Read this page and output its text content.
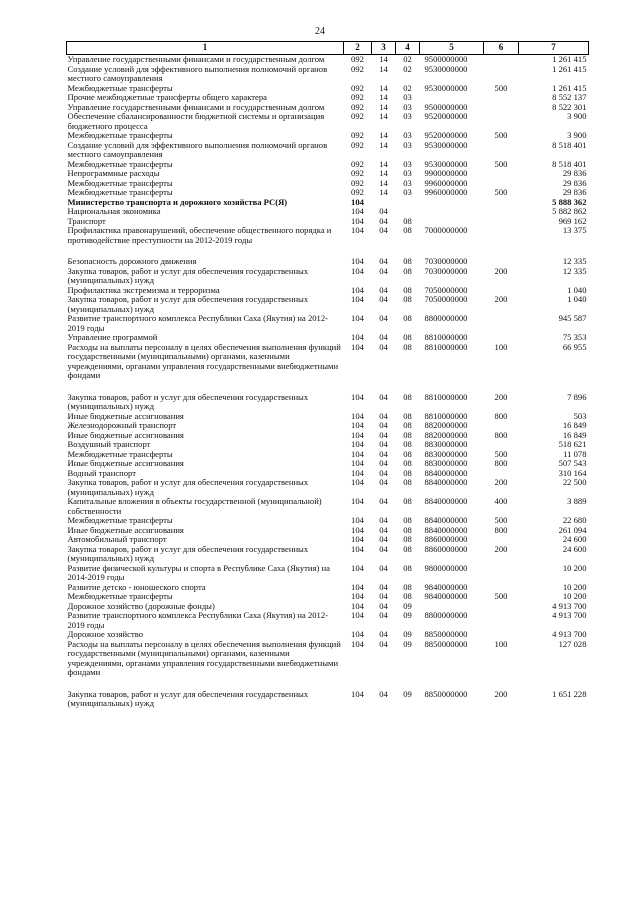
24
1	2	3	4	5	6	7
Управление государственными финансами и государственным долгом	092	14	02	9500000000		1 261 415
Создание условий для эффективного выполнения полномочий органов местного самоуправления	092	14	02	9530000000		1 261 415
Межбюджетные трансферты	092	14	02	9530000000	500	1 261 415
Прочие межбюджетные трансферты общего характера	092	14	03			8 552 137
Управление государственными финансами и государственным долгом	092	14	03	9500000000		8 522 301
Обеспечение сбалансированности бюджетной системы и организация бюджетного процесса	092	14	03	9520000000		3 900
Межбюджетные трансферты	092	14	03	9520000000	500	3 900
Создание условий для эффективного выполнения полномочий органов местного самоуправления	092	14	03	9530000000		8 518 401
Межбюджетные трансферты	092	14	03	9530000000	500	8 518 401
Непрограммные расходы	092	14	03	9900000000		29 836
Межбюджетные трансферты	092	14	03	9960000000		29 836
Межбюджетные трансферты	092	14	03	9960000000	500	29 836
Министерство транспорта и дорожного хозяйства РС(Я)	104					5 888 362
Национальная экономика	104	04				5 882 862
Транспорт	104	04	08			969 162
Профилактика правонарушений, обеспечение общественного порядка и противодействие преступности на 2012-2019 годы	104	04	08	7000000000		13 375
Безопасность дорожного движения	104	04	08	7030000000		12 335
Закупка товаров, работ и услуг для обеспечения государственных (муниципальных) нужд	104	04	08	7030000000	200	12 335
Профилактика экстремизма и терроризма	104	04	08	7050000000		1 040
Закупка товаров, работ и услуг для обеспечения государственных (муниципальных) нужд	104	04	08	7050000000	200	1 040
Развитие транспортного комплекса Республики Саха (Якутия) на 2012-2019 годы	104	04	08	8800000000		945 587
Управление программой	104	04	08	8810000000		75 353
Расходы на выплаты персоналу в целях обеспечения выполнения функций государственными (муниципальными) органами, казенными учреждениями, органами управления государственными внебюджетными фондами	104	04	08	8810000000	100	66 955
Закупка товаров, работ и услуг для обеспечения государственных (муниципальных) нужд	104	04	08	8810000000	200	7 896
Иные бюджетные ассигнования	104	04	08	8810000000	800	503
Железнодорожный транспорт	104	04	08	8820000000		16 849
Иные бюджетные ассигнования	104	04	08	8820000000	800	16 849
Воздушный транспорт	104	04	08	8830000000		518 621
Межбюджетные трансферты	104	04	08	8830000000	500	11 078
Иные бюджетные ассигнования	104	04	08	8830000000	800	507 543
Водный транспорт	104	04	08	8840000000		310 164
Закупка товаров, работ и услуг для обеспечения государственных (муниципальных) нужд	104	04	08	8840000000	200	22 500
Капитальные вложения в объекты государственной (муниципальной) собственности	104	04	08	8840000000	400	3 889
Межбюджетные трансферты	104	04	08	8840000000	500	22 680
Иные бюджетные ассигнования	104	04	08	8840000000	800	261 094
Автомобильный транспорт	104	04	08	8860000000		24 600
Закупка товаров, работ и услуг для обеспечения государственных (муниципальных) нужд	104	04	08	8860000000	200	24 600
Развитие физической культуры и спорта в Республике Саха (Якутия) на 2014-2019 годы	104	04	08	9800000000		10 200
Развитие детско - юношеского спорта	104	04	08	9840000000		10 200
Межбюджетные трансферты	104	04	08	9840000000	500	10 200
Дорожное хозяйство (дорожные фонды)	104	04	09			4 913 700
Развитие транспортного комплекса Республики Саха (Якутия) на 2012-2019 годы	104	04	09	8800000000		4 913 700
Дорожное хозяйство	104	04	09	8850000000		4 913 700
Расходы на выплаты персоналу в целях обеспечения выполнения функций государственными (муниципальными) органами, казенными учреждениями, органами управления государственными внебюджетными фондами	104	04	09	8850000000	100	127 028
Закупка товаров, работ и услуг для обеспечения государственных (муниципальных) нужд	104	04	09	8850000000	200	1 651 228
